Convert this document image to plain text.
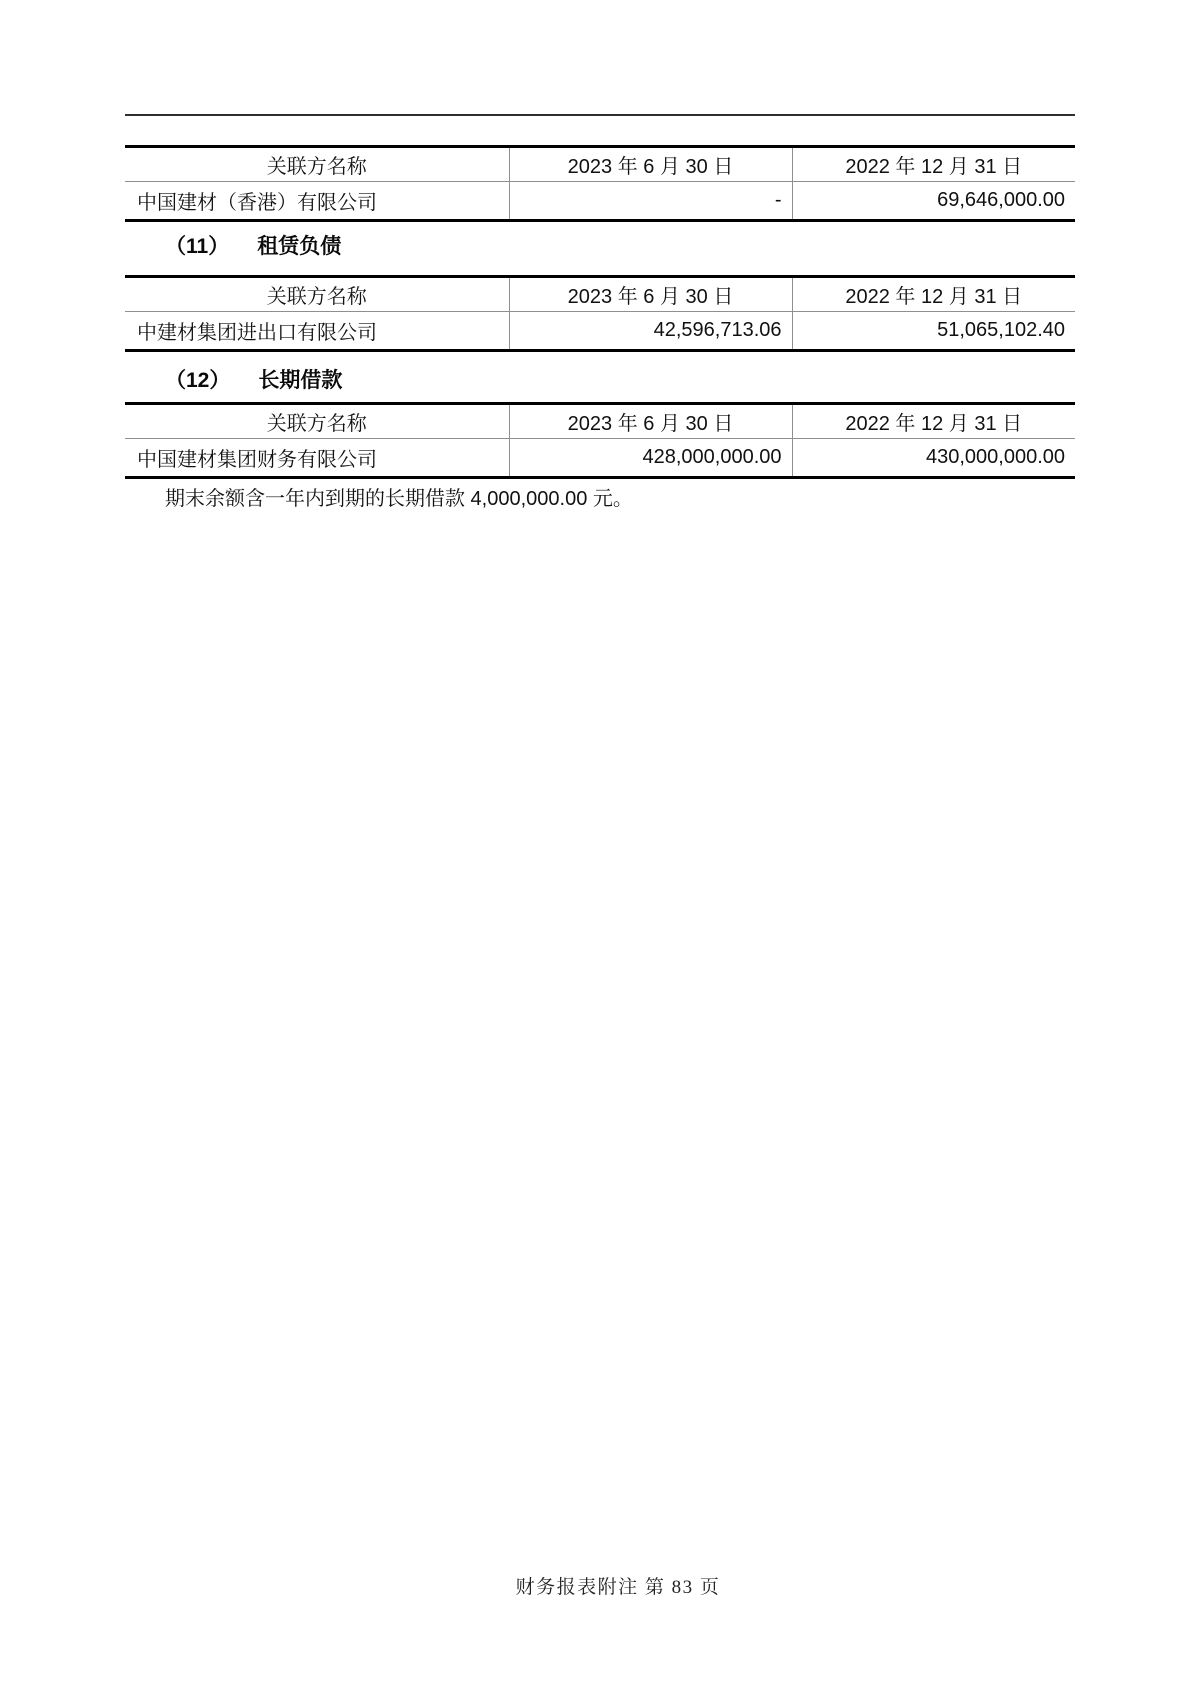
关联方名称	2023 年 6 月 30 日	2022 年 12 月 31 日
中国建材（香港）有限公司	-	69,646,000.00
（11） 租赁负债
关联方名称	2023 年 6 月 30 日	2022 年 12 月 31 日
中建材集团进出口有限公司	42,596,713.06	51,065,102.40
（12） 长期借款
关联方名称	2023 年 6 月 30 日	2022 年 12 月 31 日
中国建材集团财务有限公司	428,000,000.00	430,000,000.00

期末余额含一年内到期的长期借款 4,000,000.00 元。

财务报表附注 第 83 页
